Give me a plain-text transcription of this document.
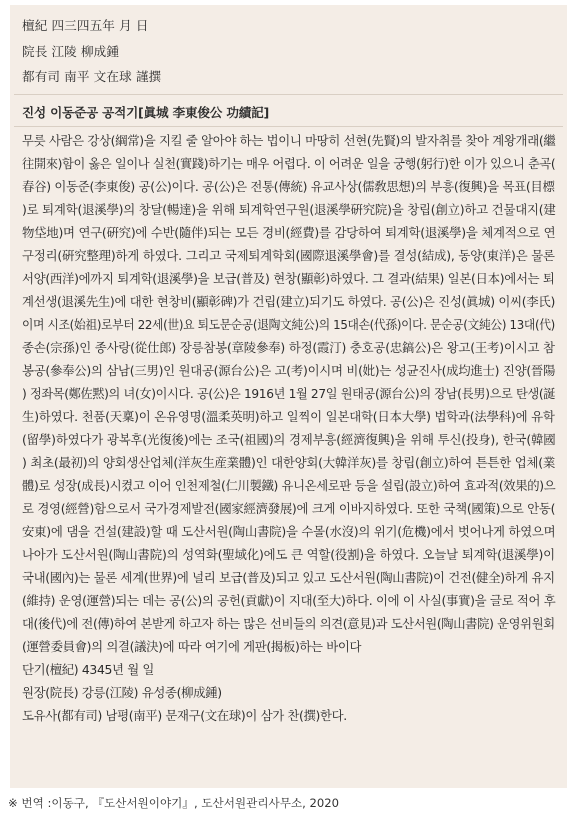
檀紀 四三四五年 月 日
院長 江陵 柳成鍾
都有司 南平 文在球 謹撰
진성 이동준공 공적기[眞城 李東俊公 功績記]
무릇 사람은 강상(綱常)을 지킬 줄 알아야 하는 법이니 마땅히 선현(先賢)의 발자취를 찾아 계왕개래(繼
往開來)함이 옳은 일이나 실천(實踐)하기는 매우 어렵다. 이 어려운 일을 궁행(躬行)한 이가 있으니 춘곡(
春谷) 이동준(李東俊) 공(公)이다. 공(公)은 전통(傳統) 유교사상(儒敎思想)의 부흥(復興)을 목표(目標
)로 퇴계학(退溪學)의 창달(暢達)을 위해 퇴계학연구원(退溪學硏究院)을 창립(創立)하고 건물대지(建
物垈地)며 연구(硏究)에 수반(隨伴)되는 모든 경비(經費)를 감당하여 퇴계학(退溪學)을 체계적으로 연
구정리(硏究整理)하게 하였다. 그리고 국제퇴계학회(國際退溪學會)를 결성(結成), 동양(東洋)은 물론
서양(西洋)에까지 퇴계학(退溪學)을 보급(普及) 현창(顯彰)하였다. 그 결과(結果) 일본(日本)에서는 퇴
계선생(退溪先生)에 대한 현창비(顯彰碑)가 건립(建立)되기도 하였다. 공(公)은 진성(眞城) 이씨(李氏)
이며 시조(始祖)로부터 22세(世)요 퇴도문순공(退陶文純公)의 15대손(代孫)이다. 문순공(文純公) 13대(代)
종손(宗孫)인 종사랑(從仕郎) 장릉참봉(章陵參奉) 하정(霞汀) 충호공(忠鎬公)은 왕고(王考)이시고 참
봉공(參奉公)의 삼남(三男)인 원대공(源台公)은 고(考)이시며 비(妣)는 성균진사(成均進士) 진양(晉陽
) 정좌목(鄭佐黙)의 녀(女)이시다. 공(公)은 1916년 1월 27일 원태공(源台公)의 장남(長男)으로 탄생(誕
生)하였다. 천품(天稟)이 온유영명(溫柔英明)하고 일찍이 일본대학(日本大學) 법학과(法學科)에 유학
(留學)하였다가 광복후(光復後)에는 조국(祖國)의 경제부흥(經濟復興)을 위해 투신(投身), 한국(韓國
) 최초(最初)의 양회생산업체(洋灰生産業體)인 대한양회(大韓洋灰)를 창립(創立)하여 튼튼한 업체(業
體)로 성장(成長)시켰고 이어 인천제철(仁川製鐵) 유니온세로판 등을 설립(設立)하여 효과적(效果的)으
로 경영(經營)함으로서 국가경제발전(國家經濟發展)에 크게 이바지하였다. 또한 국책(國策)으로 안동(
安東)에 댐을 건설(建設)할 때 도산서원(陶山書院)을 수몰(水沒)의 위기(危機)에서 벗어나게 하였으며
나아가 도산서원(陶山書院)의 성역화(聖域化)에도 큰 역할(役割)을 하였다. 오늘날 퇴계학(退溪學)이
국내(國內)는 물론 세계(世界)에 널리 보급(普及)되고 있고 도산서원(陶山書院)이 건전(健全)하게 유지
(維持) 운영(運營)되는 데는 공(公)의 공헌(貢獻)이 지대(至大)하다. 이에 이 사실(事實)을 글로 적어 후
대(後代)에 전(傳)하여 본받게 하고자 하는 많은 선비들의 의견(意見)과 도산서원(陶山書院) 운영위원회
(運營委員會)의 의결(議決)에 따라 여기에 게판(揭板)하는 바이다
단기(檀紀) 4345년 월 일
원장(院長) 강릉(江陵) 유성종(柳成鍾)
도유사(都有司) 남평(南平) 문재구(文在球)이 삼가 찬(撰)한다.
※ 번역 :이동구, 『도산서원이야기』, 도산서원관리사무소, 2020
